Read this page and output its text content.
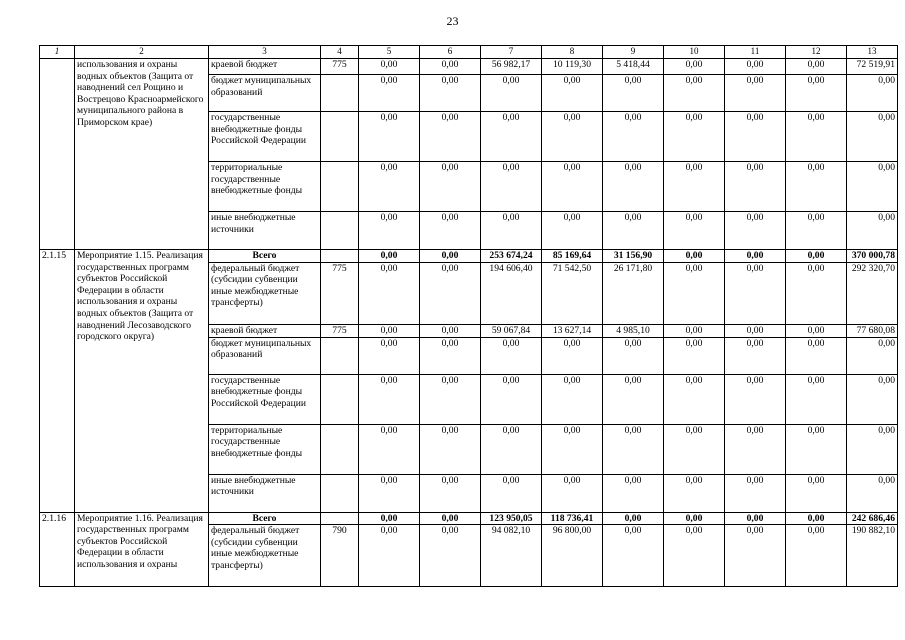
23
1	2	3	4	5	6	7	8	9	10	11	12	13
	использования и охраны водных объектов (Защита от наводнений сел Рощино и Вострецово Красноармейского муниципального района в Приморском крае)	краевой бюджет	775	0,00	0,00	56 982,17	10 119,30	5 418,44	0,00	0,00	0,00	72 519,91
		бюджет муниципальных образований		0,00	0,00	0,00	0,00	0,00	0,00	0,00	0,00	0,00
		государственные внебюджетные фонды Российской Федерации		0,00	0,00	0,00	0,00	0,00	0,00	0,00	0,00	0,00
		территориальные государственные внебюджетные фонды		0,00	0,00	0,00	0,00	0,00	0,00	0,00	0,00	0,00
		иные внебюджетные источники		0,00	0,00	0,00	0,00	0,00	0,00	0,00	0,00	0,00
2.1.15	Мероприятие 1.15. Реализация государственных программ субъектов Российской Федерации в области использования и охраны водных объектов (Защита от наводнений Лесозаводского городского округа)	Всего		0,00	0,00	253 674,24	85 169,64	31 156,90	0,00	0,00	0,00	370 000,78
		федеральный бюджет (субсидии субвенции иные межбюджетные трансферты)	775	0,00	0,00	194 606,40	71 542,50	26 171,80	0,00	0,00	0,00	292 320,70
		краевой бюджет	775	0,00	0,00	59 067,84	13 627,14	4 985,10	0,00	0,00	0,00	77 680,08
		бюджет муниципальных образований		0,00	0,00	0,00	0,00	0,00	0,00	0,00	0,00	0,00
		государственные внебюджетные фонды Российской Федерации		0,00	0,00	0,00	0,00	0,00	0,00	0,00	0,00	0,00
		территориальные государственные внебюджетные фонды		0,00	0,00	0,00	0,00	0,00	0,00	0,00	0,00	0,00
		иные внебюджетные источники		0,00	0,00	0,00	0,00	0,00	0,00	0,00	0,00	0,00
2.1.16	Мероприятие 1.16. Реализация государственных программ субъектов Российской Федерации в области использования и охраны	Всего		0,00	0,00	123 950,05	118 736,41	0,00	0,00	0,00	0,00	242 686,46
		федеральный бюджет (субсидии субвенции иные межбюджетные трансферты)	790	0,00	0,00	94 082,10	96 800,00	0,00	0,00	0,00	0,00	190 882,10
